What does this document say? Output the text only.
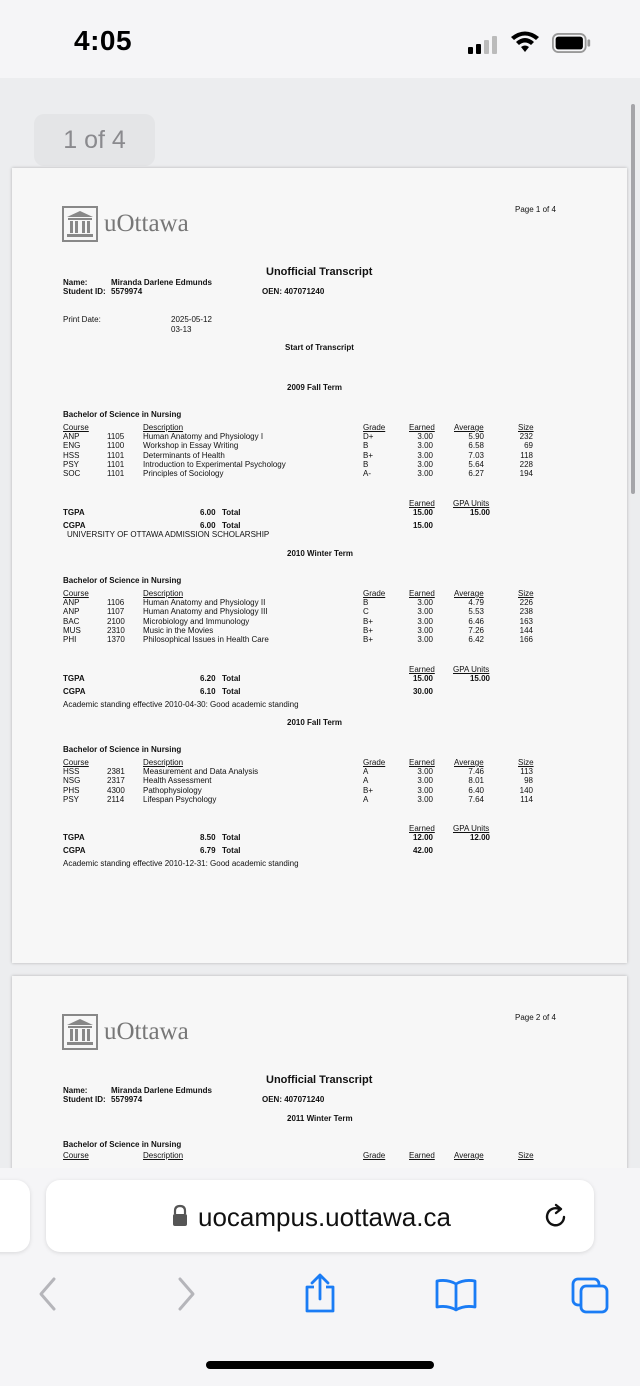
4:05
1 of 4
Page 1 of 4
uOttawa
Unofficial Transcript
Name:	Miranda Darlene Edmunds
Student ID: 5579974	OEN: 407071240
Print Date:	2025-05-12
03-13
Start of Transcript
2009 Fall Term
Bachelor of Science in Nursing
Course	Description	Grade	Earned Average	Size
ANP	1105 Human Anatomy and Physiology I	D+	3.00	5.90	232
ENG	1100 Workshop in Essay Writing	B	3.00	6.58	69
HSS	1101 Determinants of Health	B+	3.00	7.03	118
PSY	1101 Introduction to Experimental Psychology	B	3.00	5.64	228
SOC	1101 Principles of Sociology	A-	3.00	6.27	194
Earned GPA Units
TGPA	6.00 Total	15.00	15.00
CGPA	6.00 Total	15.00
UNIVERSITY OF OTTAWA ADMISSION SCHOLARSHIP
2010 Winter Term
Bachelor of Science in Nursing
Course	Description	Grade	Earned Average	Size
ANP	1106 Human Anatomy and Physiology II	B	3.00	4.79	226
ANP	1107 Human Anatomy and Physiology III	C	3.00	5.53	238
BAC	2100 Microbiology and Immunology	B+	3.00	6.46	163
MUS	2310 Music in the Movies	B+	3.00	7.26	144
PHI	1370 Philosophical Issues in Health Care	B+	3.00	6.42	166
Earned GPA Units
TGPA	6.20 Total	15.00	15.00
CGPA	6.10 Total	30.00
Academic standing effective 2010-04-30: Good academic standing
2010 Fall Term
Bachelor of Science in Nursing
Course	Description	Grade	Earned Average	Size
HSS	2381 Measurement and Data Analysis	A	3.00	7.46	113
NSG	2317 Health Assessment	A	3.00	8.01	98
PHS	4300 Pathophysiology	B+	3.00	6.40	140
PSY	2114 Lifespan Psychology	A	3.00	7.64	114
Earned GPA Units
TGPA	8.50 Total	12.00	12.00
CGPA	6.79 Total	42.00
Academic standing effective 2010-12-31: Good academic standing
Page 2 of 4
uOttawa
Unofficial Transcript
Name:	Miranda Darlene Edmunds
Student ID: 5579974	OEN: 407071240
2011 Winter Term
Bachelor of Science in Nursing
Course	Description	Grade	Earned Average	Size
uocampus.uottawa.ca
